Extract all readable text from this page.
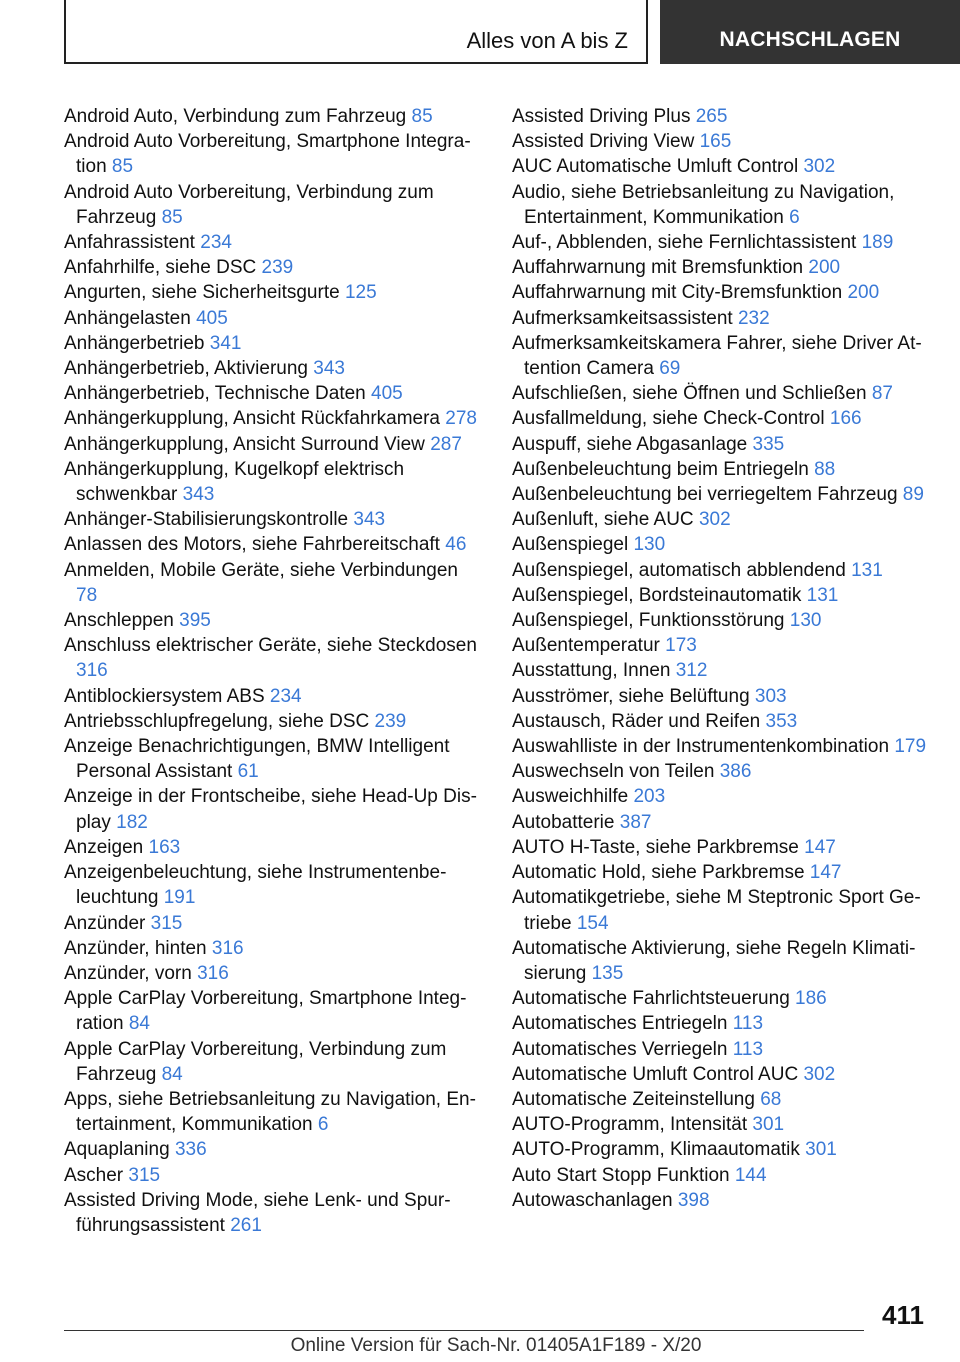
Alles von A bis Z	NACHSCHLAGEN
Android Auto, Verbindung zum Fahrzeug 85
Android Auto Vorbereitung, Smartphone Integration 85
Android Auto Vorbereitung, Verbindung zum Fahrzeug 85
Anfahrassistent 234
Anfahrhilfe, siehe DSC 239
Angurten, siehe Sicherheitsgurte 125
Anhängelasten 405
Anhängerbetrieb 341
Anhängerbetrieb, Aktivierung 343
Anhängerbetrieb, Technische Daten 405
Anhängerkupplung, Ansicht Rückfahrkamera 278
Anhängerkupplung, Ansicht Surround View 287
Anhängerkupplung, Kugelkopf elektrisch schwenkbar 343
Anhänger-Stabilisierungskontrolle 343
Anlassen des Motors, siehe Fahrbereitschaft 46
Anmelden, Mobile Geräte, siehe Verbindungen 78
Anschleppen 395
Anschluss elektrischer Geräte, siehe Steckdosen 316
Antiblockiersystem ABS 234
Antriebsschlupfregelung, siehe DSC 239
Anzeige Benachrichtigungen, BMW Intelligent Personal Assistant 61
Anzeige in der Frontscheibe, siehe Head-Up Display 182
Anzeigen 163
Anzeigenbeleuchtung, siehe Instrumentenbeleuchtung 191
Anzünder 315
Anzünder, hinten 316
Anzünder, vorn 316
Apple CarPlay Vorbereitung, Smartphone Integration 84
Apple CarPlay Vorbereitung, Verbindung zum Fahrzeug 84
Apps, siehe Betriebsanleitung zu Navigation, Entertainment, Kommunikation 6
Aquaplaning 336
Ascher 315
Assisted Driving Mode, siehe Lenk- und Spurführungsassistent 261
Assisted Driving Plus 265
Assisted Driving View 165
AUC Automatische Umluft Control 302
Audio, siehe Betriebsanleitung zu Navigation, Entertainment, Kommunikation 6
Auf-, Abblenden, siehe Fernlichtassistent 189
Auffahrwarnung mit Bremsfunktion 200
Auffahrwarnung mit City-Bremsfunktion 200
Aufmerksamkeitsassistent 232
Aufmerksamkeitskamera Fahrer, siehe Driver Attention Camera 69
Aufschließen, siehe Öffnen und Schließen 87
Ausfallmeldung, siehe Check-Control 166
Auspuff, siehe Abgasanlage 335
Außenbeleuchtung beim Entriegeln 88
Außenbeleuchtung bei verriegeltem Fahrzeug 89
Außenluft, siehe AUC 302
Außenspiegel 130
Außenspiegel, automatisch abblendend 131
Außenspiegel, Bordsteinautomatik 131
Außenspiegel, Funktionsstörung 130
Außentemperatur 173
Ausstattung, Innen 312
Ausströmer, siehe Belüftung 303
Austausch, Räder und Reifen 353
Auswahlliste in der Instrumentenkombination 179
Auswechseln von Teilen 386
Ausweichhilfe 203
Autobatterie 387
AUTO H-Taste, siehe Parkbremse 147
Automatic Hold, siehe Parkbremse 147
Automatikgetriebe, siehe M Steptronic Sport Getriebe 154
Automatische Aktivierung, siehe Regeln Klimatisierung 135
Automatische Fahrlichtsteuerung 186
Automatisches Entriegeln 113
Automatisches Verriegeln 113
Automatische Umluft Control AUC 302
Automatische Zeiteinstellung 68
AUTO-Programm, Intensität 301
AUTO-Programm, Klimaautomatik 301
Auto Start Stopp Funktion 144
Autowaschanlagen 398
411
Online Version für Sach-Nr. 01405A1F189 - X/20
